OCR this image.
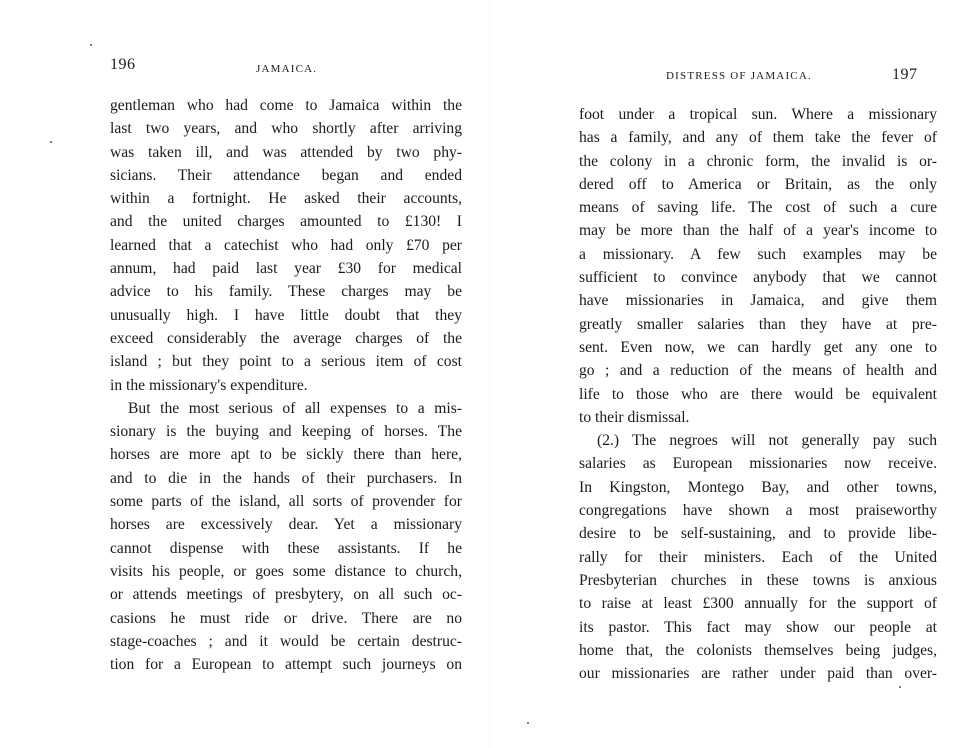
196	JAMAICA.
gentleman who had come to Jamaica within the
last two years, and who shortly after arriving
was taken ill, and was attended by two phy-
sicians. Their attendance began and ended
within a fortnight. He asked their accounts,
and the united charges amounted to £130! I
learned that a catechist who had only £70 per
annum, had paid last year £30 for medical
advice to his family. These charges may be
unusually high. I have little doubt that they
exceed considerably the average charges of the
island ; but they point to a serious item of cost
in the missionary's expenditure.
But the most serious of all expenses to a mis-
sionary is the buying and keeping of horses. The
horses are more apt to be sickly there than here,
and to die in the hands of their purchasers. In
some parts of the island, all sorts of provender for
horses are excessively dear. Yet a missionary
cannot dispense with these assistants. If he
visits his people, or goes some distance to church,
or attends meetings of presbytery, on all such oc-
casions he must ride or drive. There are no
stage-coaches ; and it would be certain destruc-
tion for a European to attempt such journeys on
DISTRESS OF JAMAICA.	197
foot under a tropical sun. Where a missionary
has a family, and any of them take the fever of
the colony in a chronic form, the invalid is or-
dered off to America or Britain, as the only
means of saving life. The cost of such a cure
may be more than the half of a year's income to
a missionary. A few such examples may be
sufficient to convince anybody that we cannot
have missionaries in Jamaica, and give them
greatly smaller salaries than they have at pre-
sent. Even now, we can hardly get any one to
go ; and a reduction of the means of health and
life to those who are there would be equivalent
to their dismissal.
(2.) The negroes will not generally pay such
salaries as European missionaries now receive.
In Kingston, Montego Bay, and other towns,
congregations have shown a most praiseworthy
desire to be self-sustaining, and to provide libe-
rally for their ministers. Each of the United
Presbyterian churches in these towns is anxious
to raise at least £300 annually for the support of
its pastor. This fact may show our people at
home that, the colonists themselves being judges,
our missionaries are rather under paid than over-
